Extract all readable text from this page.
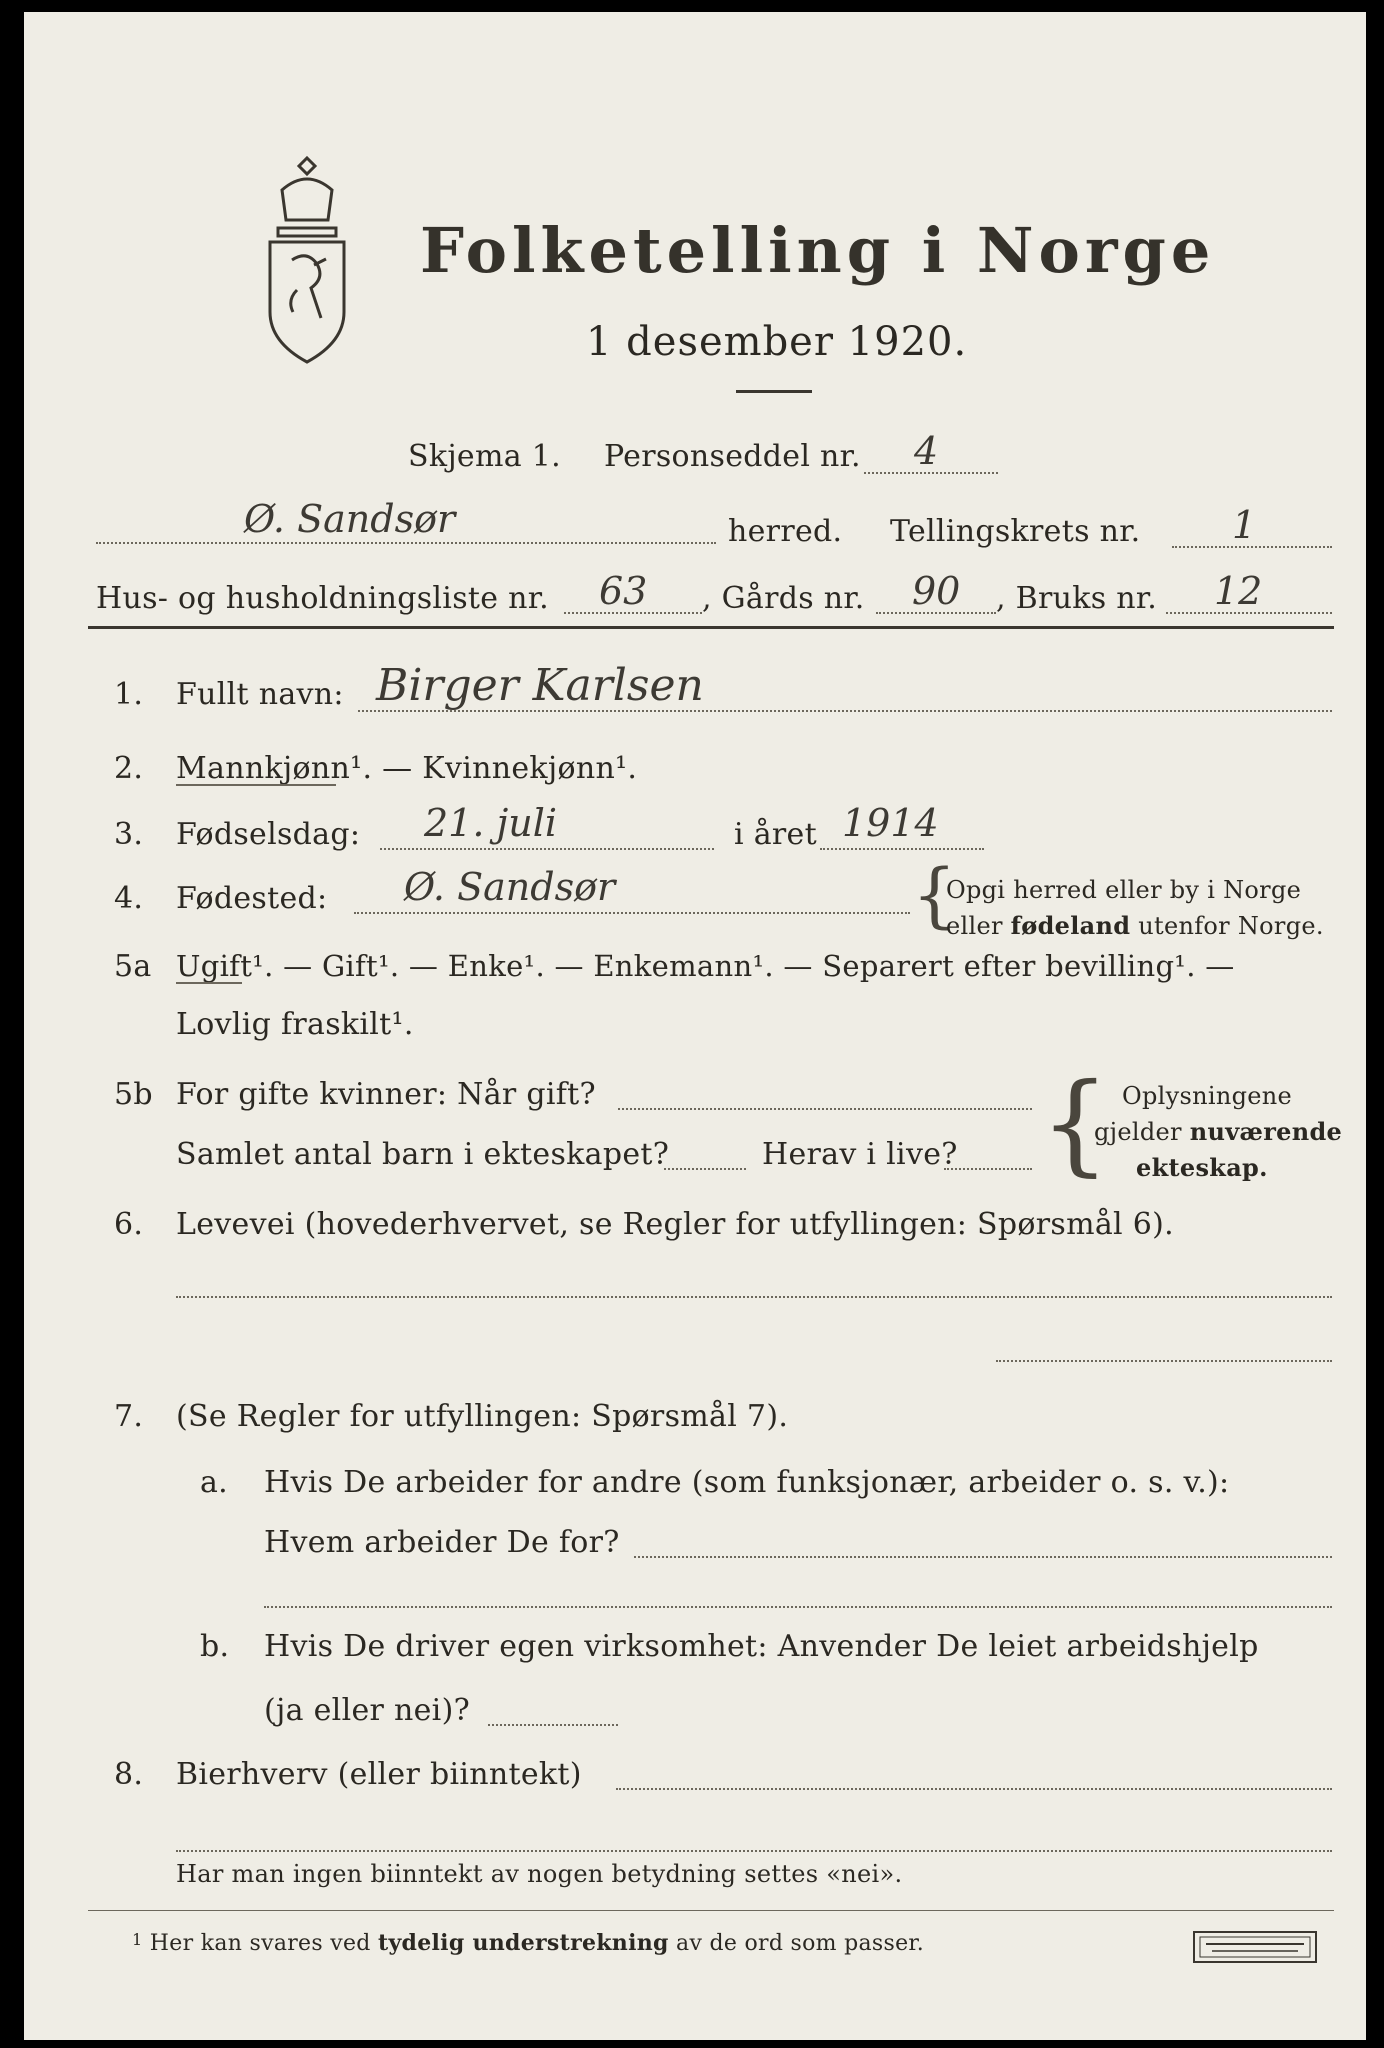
Folketelling i Norge
1 desember 1920.
Skjema 1. Personseddel nr. 4
Ø. Sandsør	herred. Tellingskrets nr. 1
Hus- og husholdningsliste nr. 63 , Gårds nr. 90 , Bruks nr. 12
1. Fullt navn: Birger Karlsen
2. Mannkjønn¹. — Kvinnekjønn¹.
3. Fødselsdag: 21. juli	i året 1914
4. Fødested: Ø. Sandsør	{
Opgi herred eller by i Norge
eller fødeland utenfor Norge.
5a Ugift¹. — Gift¹. — Enke¹. — Enkemann¹. — Separert efter bevilling¹. —
Lovlig fraskilt¹.
5b For gifte kvinner: Når gift?
Samlet antal barn i ekteskapet?	Herav i live? { Oplysningene
gjelder nuværende
ekteskap.
6. Levevei (hovederhvervet, se Regler for utfyllingen: Spørsmål 6).
7. (Se Regler for utfyllingen: Spørsmål 7).
a. Hvis De arbeider for andre (som funksjonær, arbeider o. s. v.):
Hvem arbeider De for?
b. Hvis De driver egen virksomhet: Anvender De leiet arbeidshjelp
(ja eller nei)?
8. Bierhverv (eller biinntekt)
Har man ingen biinntekt av nogen betydning settes «nei».
$^1$ Her kan svares ved tydelig understrekning av de ord som passer.
